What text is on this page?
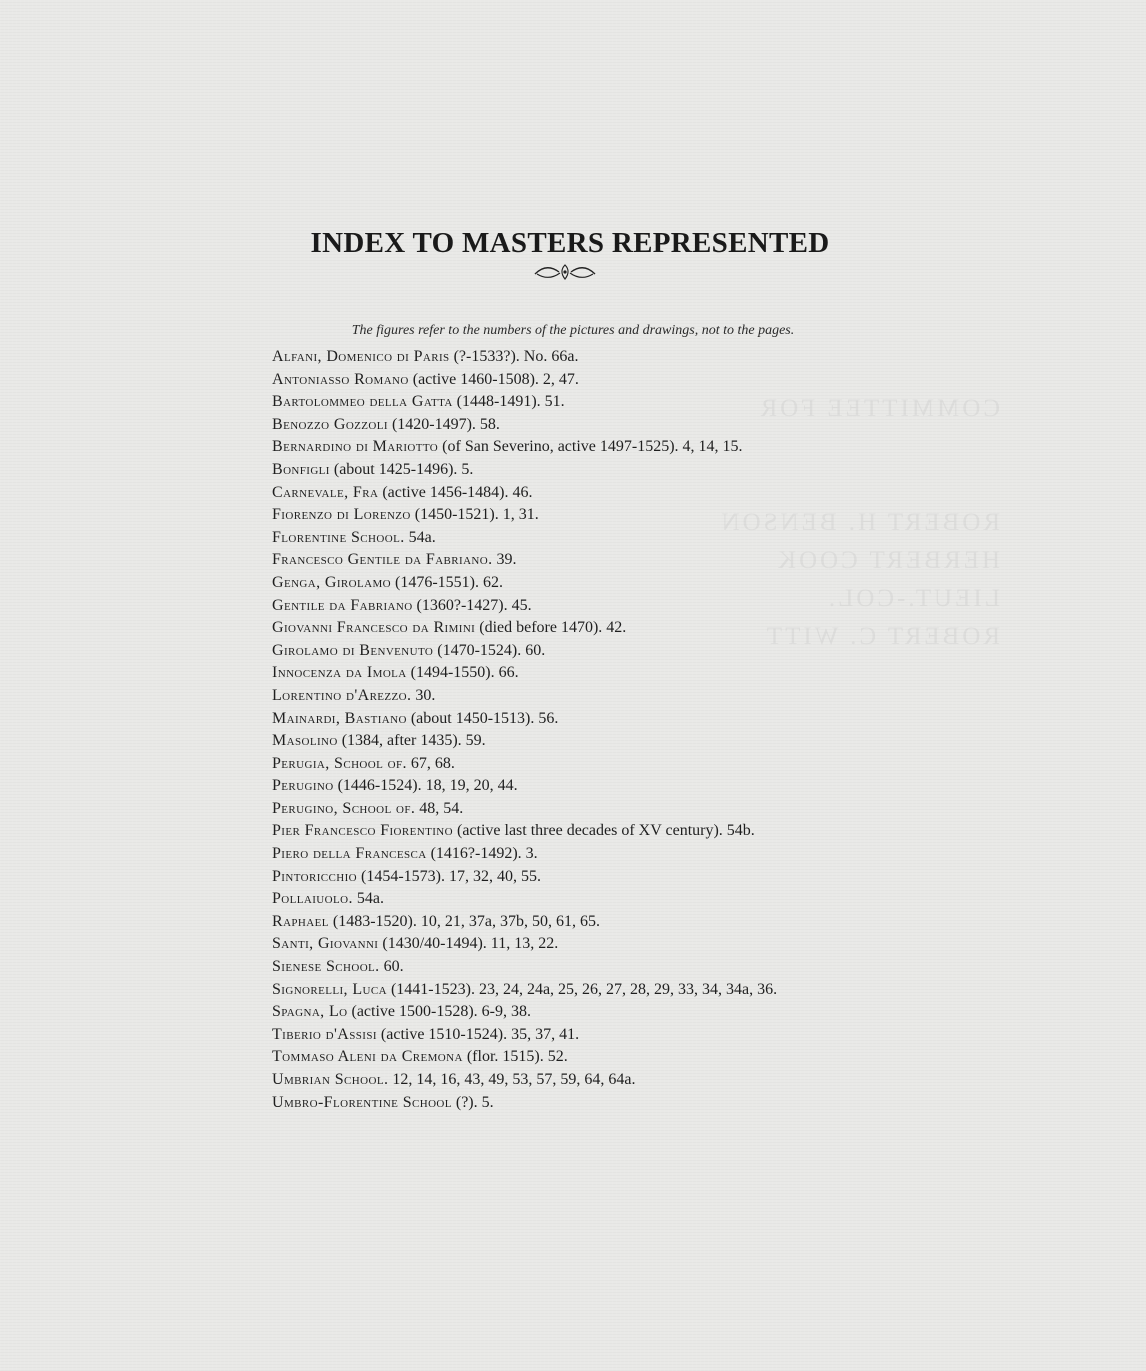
COMMITTEE FOR

ROBERT H. BENSON
HERBERT COOK
LIEUT.-COL.
ROBERT C. WITT
INDEX TO MASTERS REPRESENTED

The figures refer to the numbers of the pictures and drawings, not to the pages.

Alfani, Domenico di Paris (?-1533?). No. 66a.
Antoniasso Romano (active 1460-1508). 2, 47.
Bartolommeo della Gatta (1448-1491). 51.
Benozzo Gozzoli (1420-1497). 58.
Bernardino di Mariotto (of San Severino, active 1497-1525). 4, 14, 15.
Bonfigli (about 1425-1496). 5.
Carnevale, Fra (active 1456-1484). 46.
Fiorenzo di Lorenzo (1450-1521). 1, 31.
Florentine School. 54a.
Francesco Gentile da Fabriano. 39.
Genga, Girolamo (1476-1551). 62.
Gentile da Fabriano (1360?-1427). 45.
Giovanni Francesco da Rimini (died before 1470). 42.
Girolamo di Benvenuto (1470-1524). 60.
Innocenza da Imola (1494-1550). 66.
Lorentino d'Arezzo. 30.
Mainardi, Bastiano (about 1450-1513). 56.
Masolino (1384, after 1435). 59.
Perugia, School of. 67, 68.
Perugino (1446-1524). 18, 19, 20, 44.
Perugino, School of. 48, 54.
Pier Francesco Fiorentino (active last three decades of XV century). 54b.
Piero della Francesca (1416?-1492). 3.
Pintoricchio (1454-1573). 17, 32, 40, 55.
Pollaiuolo. 54a.
Raphael (1483-1520). 10, 21, 37a, 37b, 50, 61, 65.
Santi, Giovanni (1430/40-1494). 11, 13, 22.
Sienese School. 60.
Signorelli, Luca (1441-1523). 23, 24, 24a, 25, 26, 27, 28, 29, 33, 34, 34a, 36.
Spagna, Lo (active 1500-1528). 6-9, 38.
Tiberio d'Assisi (active 1510-1524). 35, 37, 41.
Tommaso Aleni da Cremona (flor. 1515). 52.
Umbrian School. 12, 14, 16, 43, 49, 53, 57, 59, 64, 64a.
Umbro-Florentine School (?). 5.
